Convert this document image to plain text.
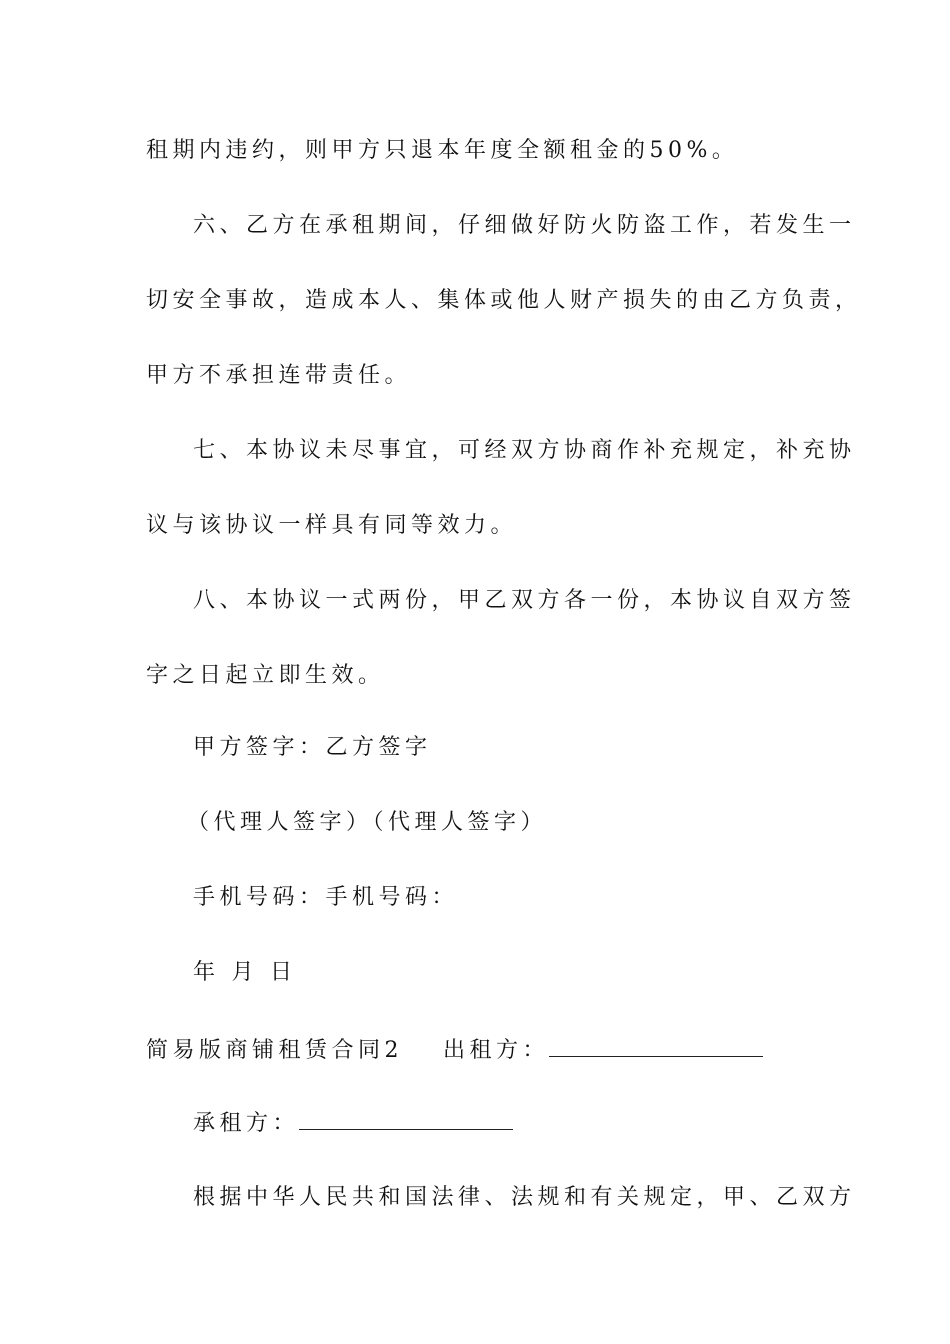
租期内违约，则甲方只退本年度全额租金的50%。
六、乙方在承租期间，仔细做好防火防盗工作，若发生一
切安全事故，造成本人、集体或他人财产损失的由乙方负责，
甲方不承担连带责任。
七、本协议未尽事宜，可经双方协商作补充规定，补充协
议与该协议一样具有同等效力。
八、本协议一式两份，甲乙双方各一份，本协议自双方签
字之日起立即生效。
甲方签字：乙方签字
（代理人签字）（代理人签字）
手机号码：手机号码：
年 月 日
简易版商铺租赁合同2 出租方：
承租方：
根据中华人民共和国法律、法规和有关规定，甲、乙双方
